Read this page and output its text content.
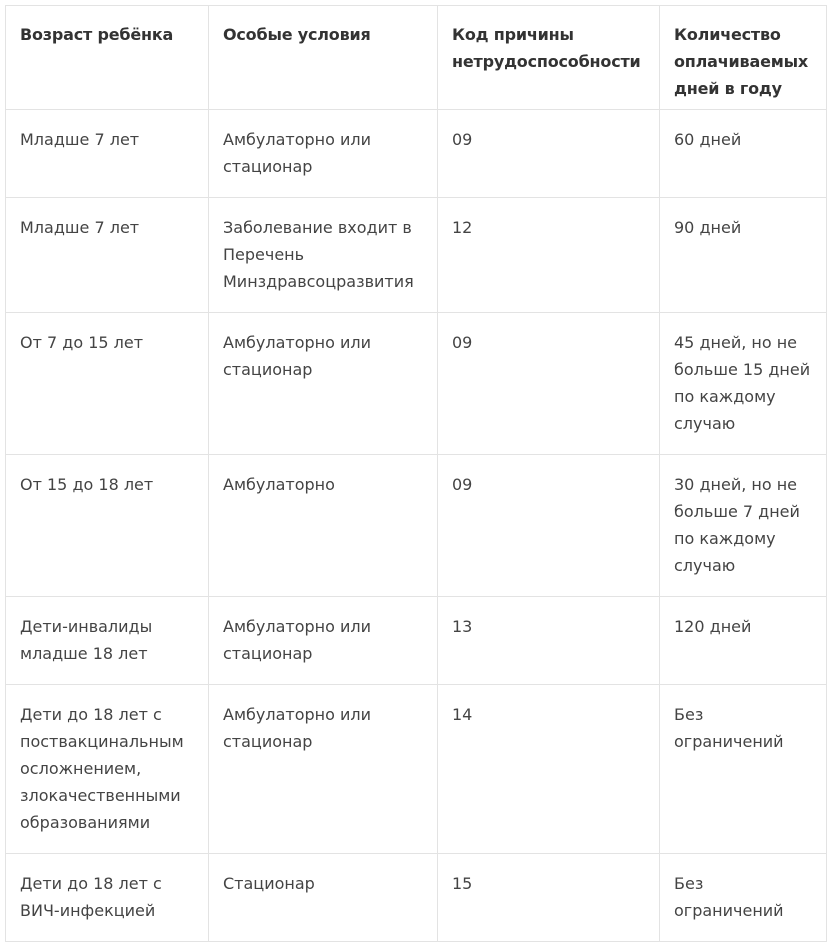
Возраст ребёнка	Особые условия	Код причины нетрудоспособности	Количество оплачиваемых дней в году
Младше 7 лет	Амбулаторно или стационар	09	60 дней
Младше 7 лет	Заболевание входит в Перечень Минздравсоцразвития	12	90 дней
От 7 до 15 лет	Амбулаторно или стационар	09	45 дней, но не больше 15 дней по каждому случаю
От 15 до 18 лет	Амбулаторно	09	30 дней, но не больше 7 дней по каждому случаю
Дети-инвалиды младше 18 лет	Амбулаторно или стационар	13	120 дней
Дети до 18 лет с поствакцинальным осложнением, злокачественными образованиями	Амбулаторно или стационар	14	Без ограничений
Дети до 18 лет с ВИЧ-инфекцией	Стационар	15	Без ограничений
